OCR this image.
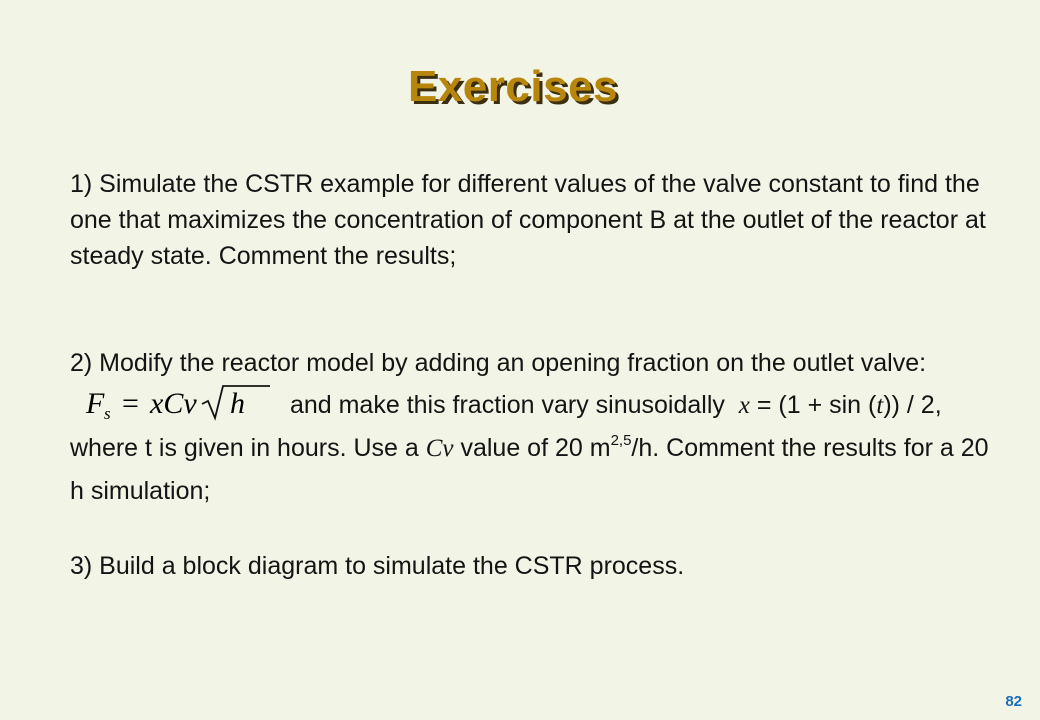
Exercises

1) Simulate the CSTR example for different values of the valve constant to find the one that maximizes the concentration of component B at the outlet of the reactor at steady state. Comment the results;

2) Modify the reactor model by adding an opening fraction on the outlet valve:
F s = xCv h and make this fraction vary sinusoidally x = (1 + sin (t)) / 2, where t is given in hours. Use a Cv value of 20 $m^{2,5}/h$. Comment the results for a 20 h simulation;

3) Build a block diagram to simulate the CSTR process.

82
